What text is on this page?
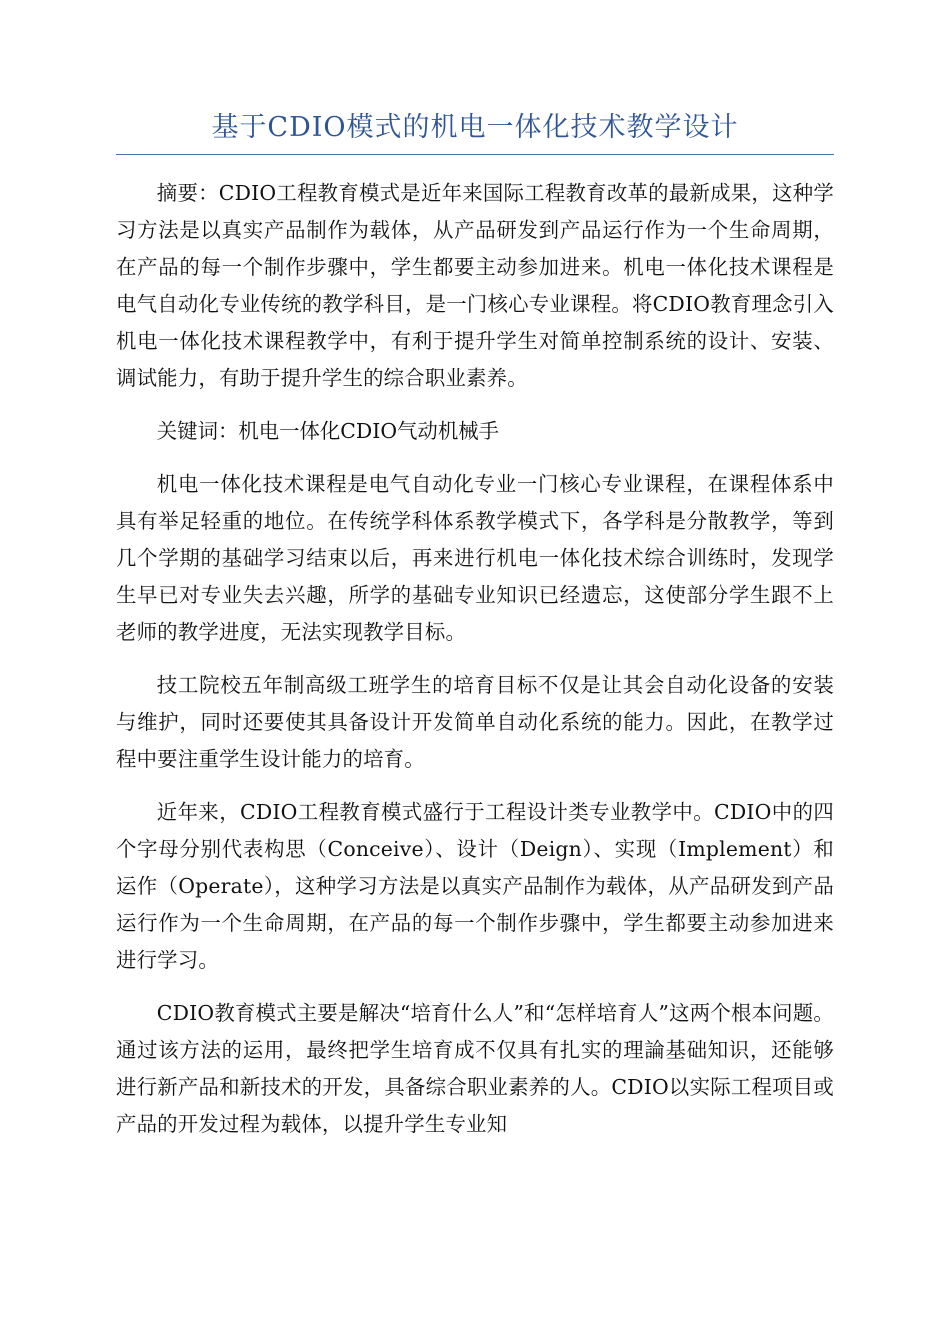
基于CDIO模式的机电一体化技术教学设计

摘要：CDIO工程教育模式是近年来国际工程教育改革的最新成果，这种学习方法是以真实产品制作为载体，从产品研发到产品运行作为一个生命周期，在产品的每一个制作步骤中，学生都要主动参加进来。机电一体化技术课程是电气自动化专业传统的教学科目，是一门核心专业课程。将CDIO教育理念引入机电一体化技术课程教学中，有利于提升学生对简单控制系统的设计、安装、调试能力，有助于提升学生的综合职业素养。

关键词：机电一体化CDIO气动机械手

机电一体化技术课程是电气自动化专业一门核心专业课程，在课程体系中具有举足轻重的地位。在传统学科体系教学模式下，各学科是分散教学，等到几个学期的基础学习结束以后，再来进行机电一体化技术综合训练时，发现学生早已对专业失去兴趣，所学的基础专业知识已经遗忘，这使部分学生跟不上老师的教学进度，无法实现教学目标。

技工院校五年制高级工班学生的培育目标不仅是让其会自动化设备的安装与维护，同时还要使其具备设计开发简单自动化系统的能力。因此，在教学过程中要注重学生设计能力的培育。

近年来，CDIO工程教育模式盛行于工程设计类专业教学中。CDIO中的四个字母分别代表构思（Conceive）、设计（Deign）、实现（Implement）和运作（Operate），这种学习方法是以真实产品制作为载体，从产品研发到产品运行作为一个生命周期，在产品的每一个制作步骤中，学生都要主动参加进来进行学习。

CDIO教育模式主要是解决“培育什么人”和“怎样培育人”这两个根本问题。通过该方法的运用，最终把学生培育成不仅具有扎实的理論基础知识，还能够进行新产品和新技术的开发，具备综合职业素养的人。CDIO以实际工程项目或产品的开发过程为载体，以提升学生专业知
